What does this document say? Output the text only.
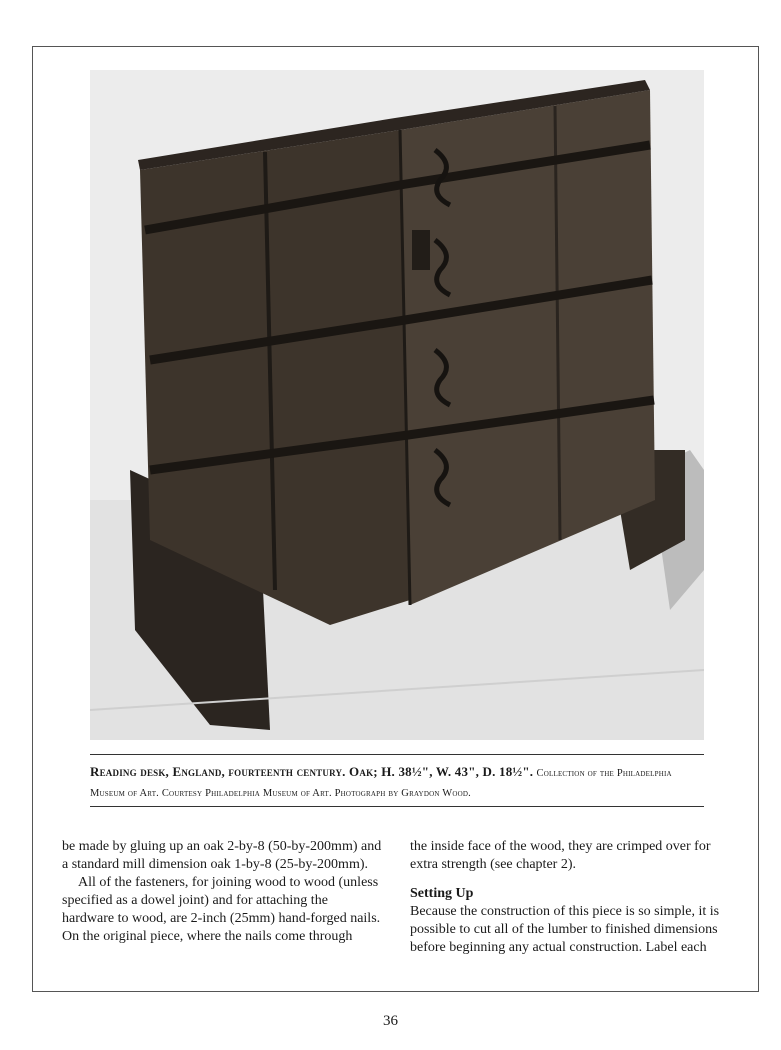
Reading desk, England, fourteenth century. Oak; H. 38½", W. 43", D. 18½". Collection of the Philadelphia Museum of Art. Courtesy Philadelphia Museum of Art. Photograph by Graydon Wood.

be made by gluing up an oak 2-by-8 (50-by-200mm) and a standard mill dimension oak 1-by-8 (25-by-200mm).

All of the fasteners, for joining wood to wood (unless specified as a dowel joint) and for attaching the hardware to wood, are 2-inch (25mm) hand-forged nails. On the original piece, where the nails come through

the inside face of the wood, they are crimped over for extra strength (see chapter 2).

Setting Up

Because the construction of this piece is so simple, it is possible to cut all of the lumber to finished dimensions before beginning any actual construction. Label each

36
